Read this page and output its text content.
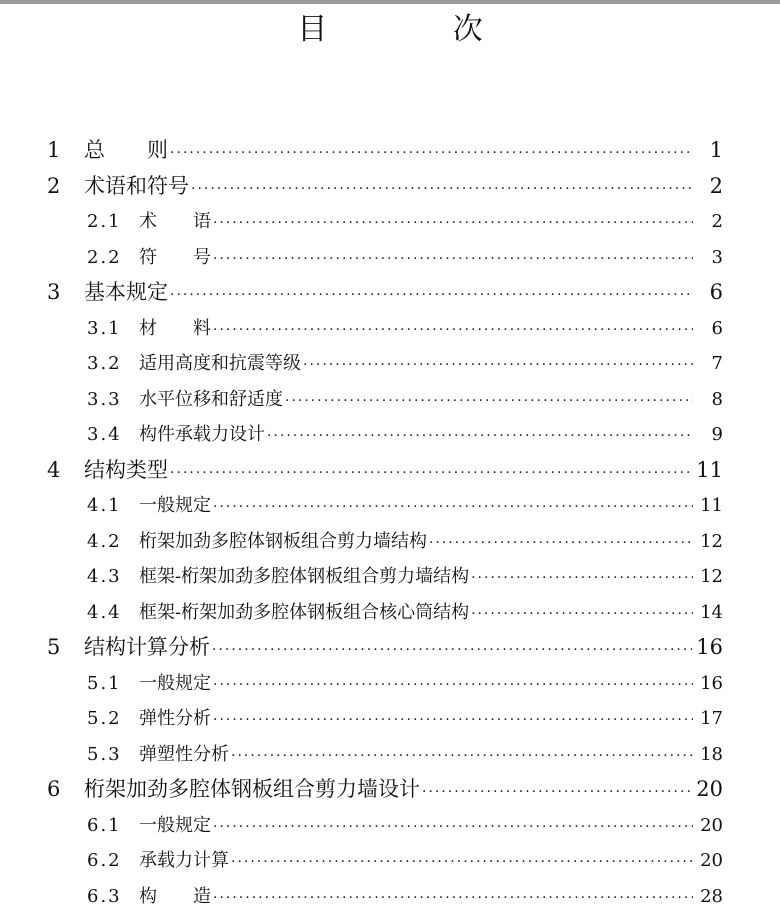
目 次
1	总　　则 ·····	1
2	术语和符号 ·····	2
2.1 术　　语 ·····	2
2.2 符　　号 ·····	3
3	基本规定 ·····	6
3.1 材　　料 ·····	6
3.2 适用高度和抗震等级 ·····	7
3.3 水平位移和舒适度 ·····	8
3.4 构件承载力设计 ·····	9
4	结构类型 ·····	11
4.1 一般规定 ·····	11
4.2 桁架加劲多腔体钢板组合剪力墙结构 ·····	12
4.3 框架-桁架加劲多腔体钢板组合剪力墙结构 ·····	12
4.4 框架-桁架加劲多腔体钢板组合核心筒结构 ·····	14
5	结构计算分析 ·····	16
5.1 一般规定 ·····	16
5.2 弹性分析 ·····	17
5.3 弹塑性分析 ·····	18
6	桁架加劲多腔体钢板组合剪力墙设计 ·····	20
6.1 一般规定 ·····	20
6.2 承载力计算 ·····	20
6.3 构　　造 ·····	28
